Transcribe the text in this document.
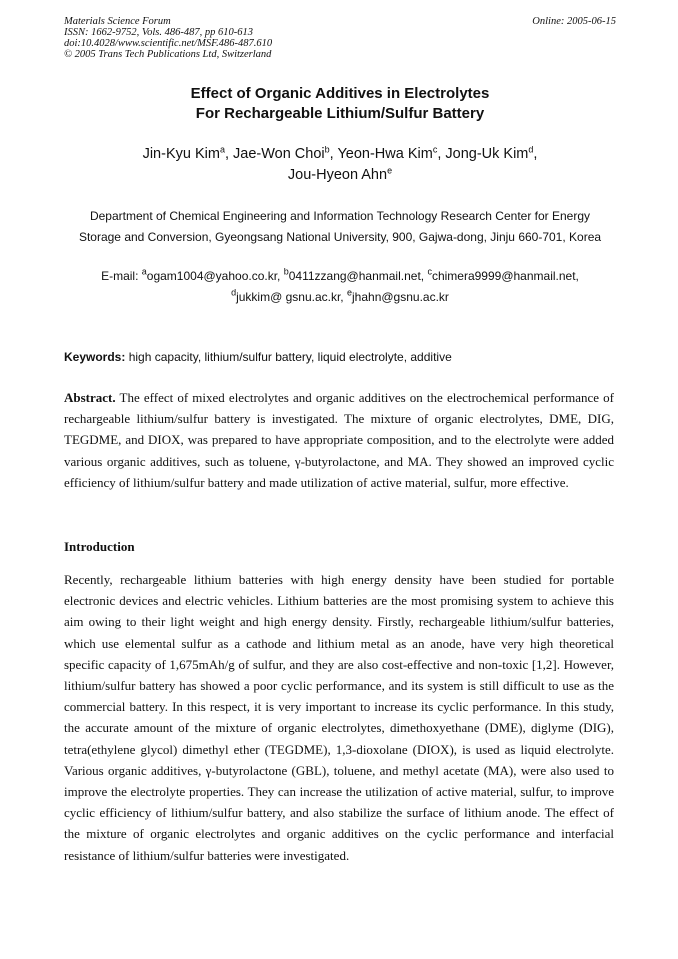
Materials Science Forum
ISSN: 1662-9752, Vols. 486-487, pp 610-613
doi:10.4028/www.scientific.net/MSF.486-487.610
© 2005 Trans Tech Publications Ltd, Switzerland
Online: 2005-06-15
Effect of Organic Additives in Electrolytes
For Rechargeable Lithium/Sulfur Battery
Jin-Kyu Kim$^a$, Jae-Won Choi$^b$, Yeon-Hwa Kim$^c$, Jong-Uk Kim$^d$,
Jou-Hyeon Ahn$^e$
Department of Chemical Engineering and Information Technology Research Center for Energy
Storage and Conversion, Gyeongsang National University, 900, Gajwa-dong, Jinju 660-701, Korea
E-mail: $^a$ogam1004@yahoo.co.kr, $^b$0411zzang@hanmail.net, $^c$chimera9999@hanmail.net,
$^d$jukkim@ gsnu.ac.kr, $^e$jhahn@gsnu.ac.kr
Keywords: high capacity, lithium/sulfur battery, liquid electrolyte, additive
Abstract. The effect of mixed electrolytes and organic additives on the electrochemical performance of rechargeable lithium/sulfur battery is investigated. The mixture of organic electrolytes, DME, DIG, TEGDME, and DIOX, was prepared to have appropriate composition, and to the electrolyte were added various organic additives, such as toluene, γ-butyrolactone, and MA. They showed an improved cyclic efficiency of lithium/sulfur battery and made utilization of active material, sulfur, more effective.
Introduction
Recently, rechargeable lithium batteries with high energy density have been studied for portable electronic devices and electric vehicles. Lithium batteries are the most promising system to achieve this aim owing to their light weight and high energy density. Firstly, rechargeable lithium/sulfur batteries, which use elemental sulfur as a cathode and lithium metal as an anode, have very high theoretical specific capacity of 1,675mAh/g of sulfur, and they are also cost-effective and non-toxic [1,2]. However, lithium/sulfur battery has showed a poor cyclic performance, and its system is still difficult to use as the commercial battery. In this respect, it is very important to increase its cyclic performance. In this study, the accurate amount of the mixture of organic electrolytes, dimethoxyethane (DME), diglyme (DIG), tetra(ethylene glycol) dimethyl ether (TEGDME), 1,3-dioxolane (DIOX), is used as liquid electrolyte. Various organic additives, γ-butyrolactone (GBL), toluene, and methyl acetate (MA), were also used to improve the electrolyte properties. They can increase the utilization of active material, sulfur, to improve cyclic efficiency of lithium/sulfur battery, and also stabilize the surface of lithium anode. The effect of the mixture of organic electrolytes and organic additives on the cyclic performance and interfacial resistance of lithium/sulfur batteries were investigated.
